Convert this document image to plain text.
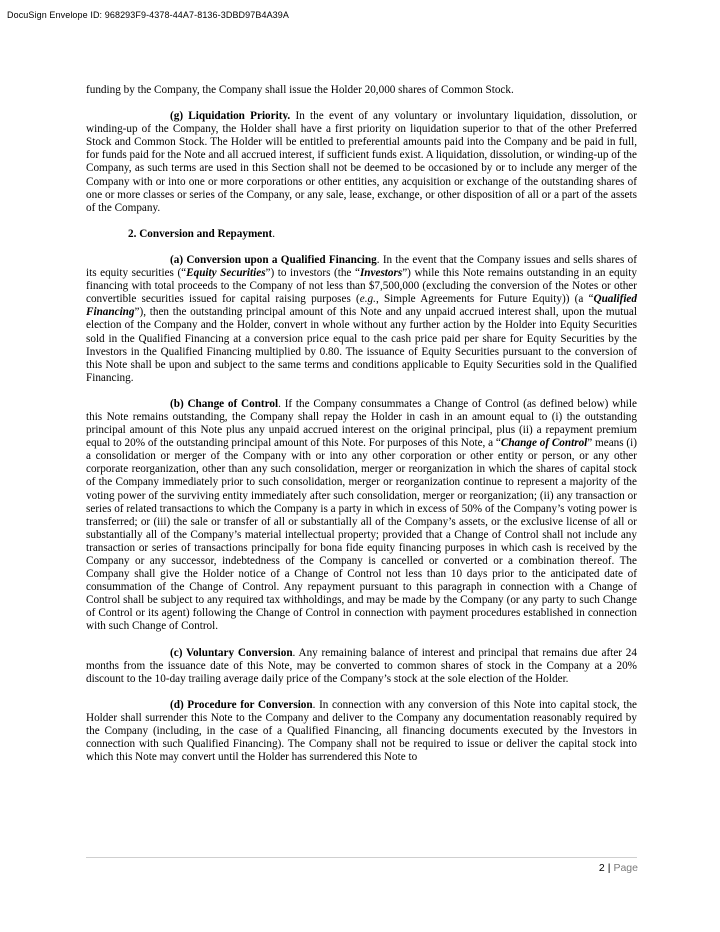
DocuSign Envelope ID: 968293F9-4378-44A7-8136-3DBD97B4A39A

funding by the Company, the Company shall issue the Holder 20,000 shares of Common Stock.

(g) Liquidation Priority. In the event of any voluntary or involuntary liquidation, dissolution, or winding-up of the Company, the Holder shall have a first priority on liquidation superior to that of the other Preferred Stock and Common Stock. The Holder will be entitled to preferential amounts paid into the Company and be paid in full, for funds paid for the Note and all accrued interest, if sufficient funds exist. A liquidation, dissolution, or winding-up of the Company, as such terms are used in this Section shall not be deemed to be occasioned by or to include any merger of the Company with or into one or more corporations or other entities, any acquisition or exchange of the outstanding shares of one or more classes or series of the Company, or any sale, lease, exchange, or other disposition of all or a part of the assets of the Company.

2. Conversion and Repayment.

(a) Conversion upon a Qualified Financing. In the event that the Company issues and sells shares of its equity securities (“Equity Securities”) to investors (the “Investors”) while this Note remains outstanding in an equity financing with total proceeds to the Company of not less than $7,500,000 (excluding the conversion of the Notes or other convertible securities issued for capital raising purposes (e.g., Simple Agreements for Future Equity)) (a “Qualified Financing”), then the outstanding principal amount of this Note and any unpaid accrued interest shall, upon the mutual election of the Company and the Holder, convert in whole without any further action by the Holder into Equity Securities sold in the Qualified Financing at a conversion price equal to the cash price paid per share for Equity Securities by the Investors in the Qualified Financing multiplied by 0.80. The issuance of Equity Securities pursuant to the conversion of this Note shall be upon and subject to the same terms and conditions applicable to Equity Securities sold in the Qualified Financing.

(b) Change of Control. If the Company consummates a Change of Control (as defined below) while this Note remains outstanding, the Company shall repay the Holder in cash in an amount equal to (i) the outstanding principal amount of this Note plus any unpaid accrued interest on the original principal, plus (ii) a repayment premium equal to 20% of the outstanding principal amount of this Note. For purposes of this Note, a “Change of Control” means (i) a consolidation or merger of the Company with or into any other corporation or other entity or person, or any other corporate reorganization, other than any such consolidation, merger or reorganization in which the shares of capital stock of the Company immediately prior to such consolidation, merger or reorganization continue to represent a majority of the voting power of the surviving entity immediately after such consolidation, merger or reorganization; (ii) any transaction or series of related transactions to which the Company is a party in which in excess of 50% of the Company’s voting power is transferred; or (iii) the sale or transfer of all or substantially all of the Company’s assets, or the exclusive license of all or substantially all of the Company’s material intellectual property; provided that a Change of Control shall not include any transaction or series of transactions principally for bona fide equity financing purposes in which cash is received by the Company or any successor, indebtedness of the Company is cancelled or converted or a combination thereof. The Company shall give the Holder notice of a Change of Control not less than 10 days prior to the anticipated date of consummation of the Change of Control. Any repayment pursuant to this paragraph in connection with a Change of Control shall be subject to any required tax withholdings, and may be made by the Company (or any party to such Change of Control or its agent) following the Change of Control in connection with payment procedures established in connection with such Change of Control.

(c) Voluntary Conversion. Any remaining balance of interest and principal that remains due after 24 months from the issuance date of this Note, may be converted to common shares of stock in the Company at a 20% discount to the 10-day trailing average daily price of the Company’s stock at the sole election of the Holder.

(d) Procedure for Conversion. In connection with any conversion of this Note into capital stock, the Holder shall surrender this Note to the Company and deliver to the Company any documentation reasonably required by the Company (including, in the case of a Qualified Financing, all financing documents executed by the Investors in connection with such Qualified Financing). The Company shall not be required to issue or deliver the capital stock into which this Note may convert until the Holder has surrendered this Note to

2 | Page
